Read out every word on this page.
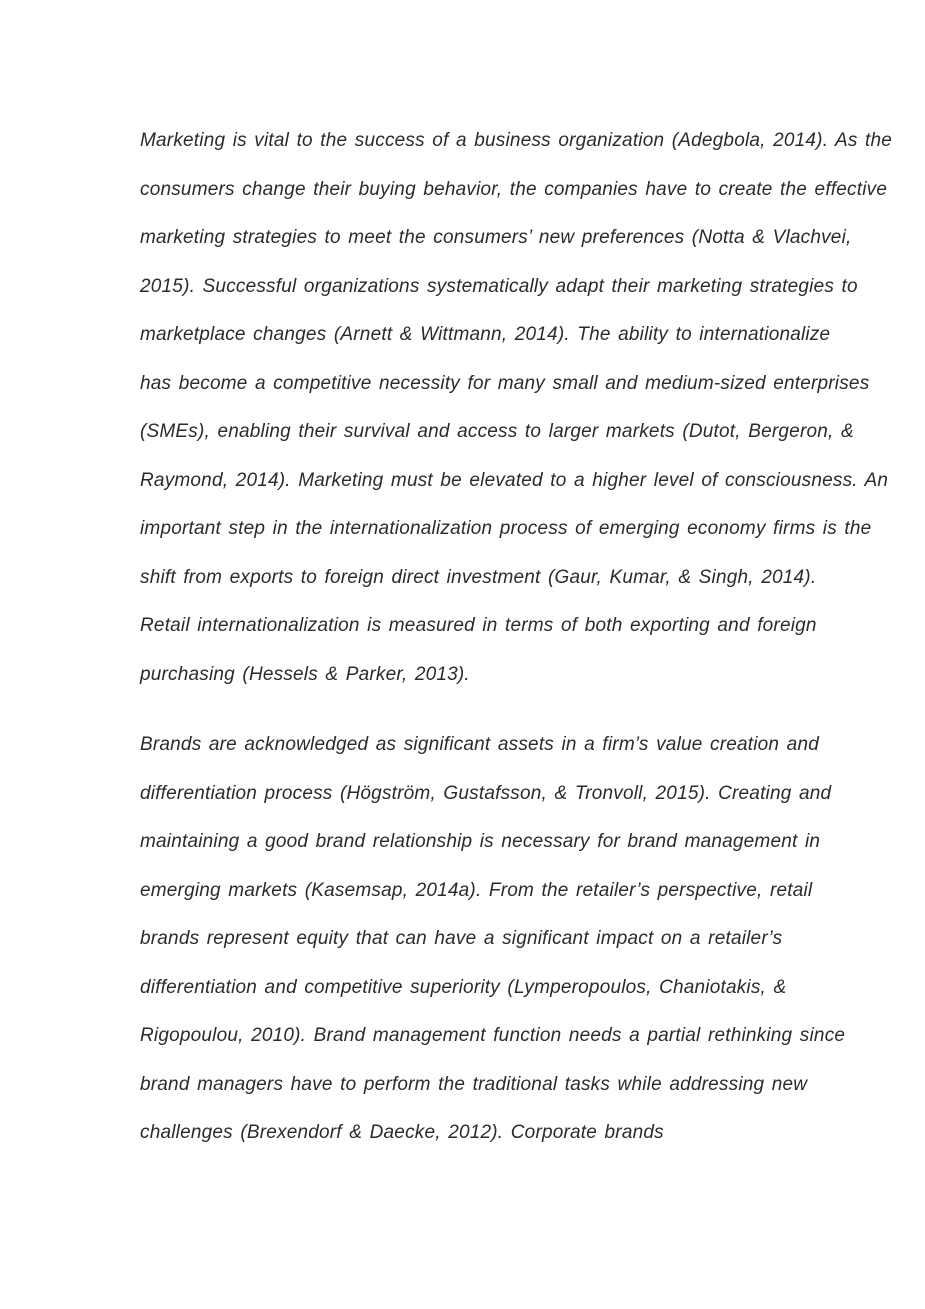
Marketing is vital to the success of a business organization (Adegbola, 2014). As the
consumers change their buying behavior, the companies have to create the effective
marketing strategies to meet the consumers’ new preferences (Notta & Vlachvei,
2015). Successful organizations systematically adapt their marketing strategies to
marketplace changes (Arnett & Wittmann, 2014). The ability to internationalize
has become a competitive necessity for many small and medium-sized enterprises
(SMEs), enabling their survival and access to larger markets (Dutot, Bergeron, &
Raymond, 2014). Marketing must be elevated to a higher level of consciousness. An
important step in the internationalization process of emerging economy firms is the
shift from exports to foreign direct investment (Gaur, Kumar, & Singh, 2014).
Retail internationalization is measured in terms of both exporting and foreign
purchasing (Hessels & Parker, 2013).
Brands are acknowledged as significant assets in a firm’s value creation and
differentiation process (Högström, Gustafsson, & Tronvoll, 2015). Creating and
maintaining a good brand relationship is necessary for brand management in
emerging markets (Kasemsap, 2014a). From the retailer’s perspective, retail
brands represent equity that can have a significant impact on a retailer’s
differentiation and competitive superiority (Lymperopoulos, Chaniotakis, &
Rigopoulou, 2010). Brand management function needs a partial rethinking since
brand managers have to perform the traditional tasks while addressing new
challenges (Brexendorf & Daecke, 2012). Corporate brands
